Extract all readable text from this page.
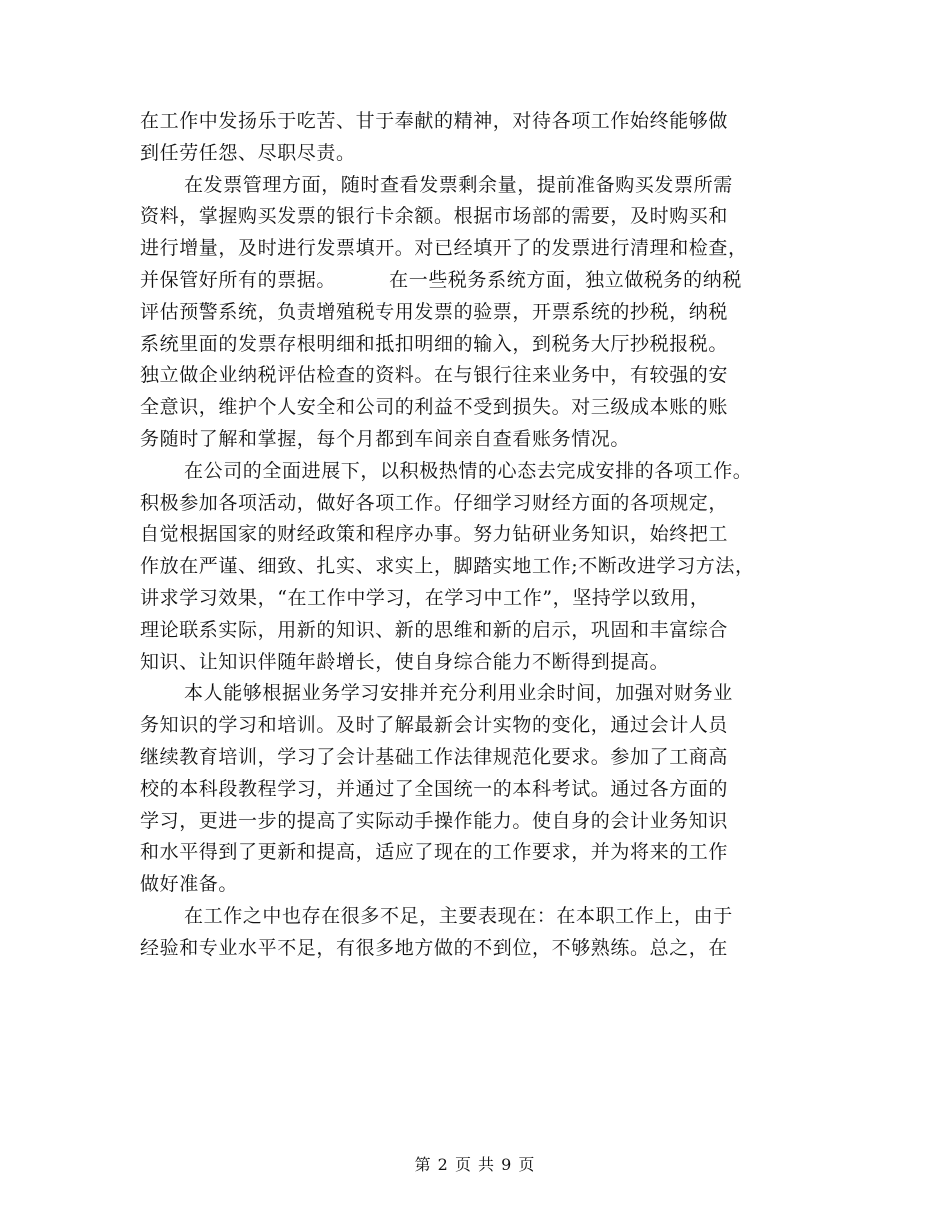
在工作中发扬乐于吃苦、甘于奉献的精神，对待各项工作始终能够做
到任劳任怨、尽职尽责。
在发票管理方面，随时查看发票剩余量，提前准备购买发票所需
资料，掌握购买发票的银行卡余额。根据市场部的需要，及时购买和
进行增量，及时进行发票填开。对已经填开了的发票进行清理和检查，
并保管好所有的票据。        在一些税务系统方面，独立做税务的纳税
评估预警系统，负责增殖税专用发票的验票，开票系统的抄税，纳税
系统里面的发票存根明细和抵扣明细的输入，到税务大厅抄税报税。
独立做企业纳税评估检查的资料。在与银行往来业务中，有较强的安
全意识，维护个人安全和公司的利益不受到损失。对三级成本账的账
务随时了解和掌握，每个月都到车间亲自查看账务情况。
在公司的全面进展下，以积极热情的心态去完成安排的各项工作。
积极参加各项活动，做好各项工作。仔细学习财经方面的各项规定，
自觉根据国家的财经政策和程序办事。努力钻研业务知识，始终把工
作放在严谨、细致、扎实、求实上，脚踏实地工作;不断改进学习方法，
讲求学习效果，“在工作中学习，在学习中工作”，坚持学以致用，
理论联系实际，用新的知识、新的思维和新的启示，巩固和丰富综合
知识、让知识伴随年龄增长，使自身综合能力不断得到提高。
本人能够根据业务学习安排并充分利用业余时间，加强对财务业
务知识的学习和培训。及时了解最新会计实物的变化，通过会计人员
继续教育培训，学习了会计基础工作法律规范化要求。参加了工商高
校的本科段教程学习，并通过了全国统一的本科考试。通过各方面的
学习，更进一步的提高了实际动手操作能力。使自身的会计业务知识
和水平得到了更新和提高，适应了现在的工作要求，并为将来的工作
做好准备。
在工作之中也存在很多不足，主要表现在：在本职工作上，由于
经验和专业水平不足，有很多地方做的不到位，不够熟练。总之，在
第 2 页 共 9 页
